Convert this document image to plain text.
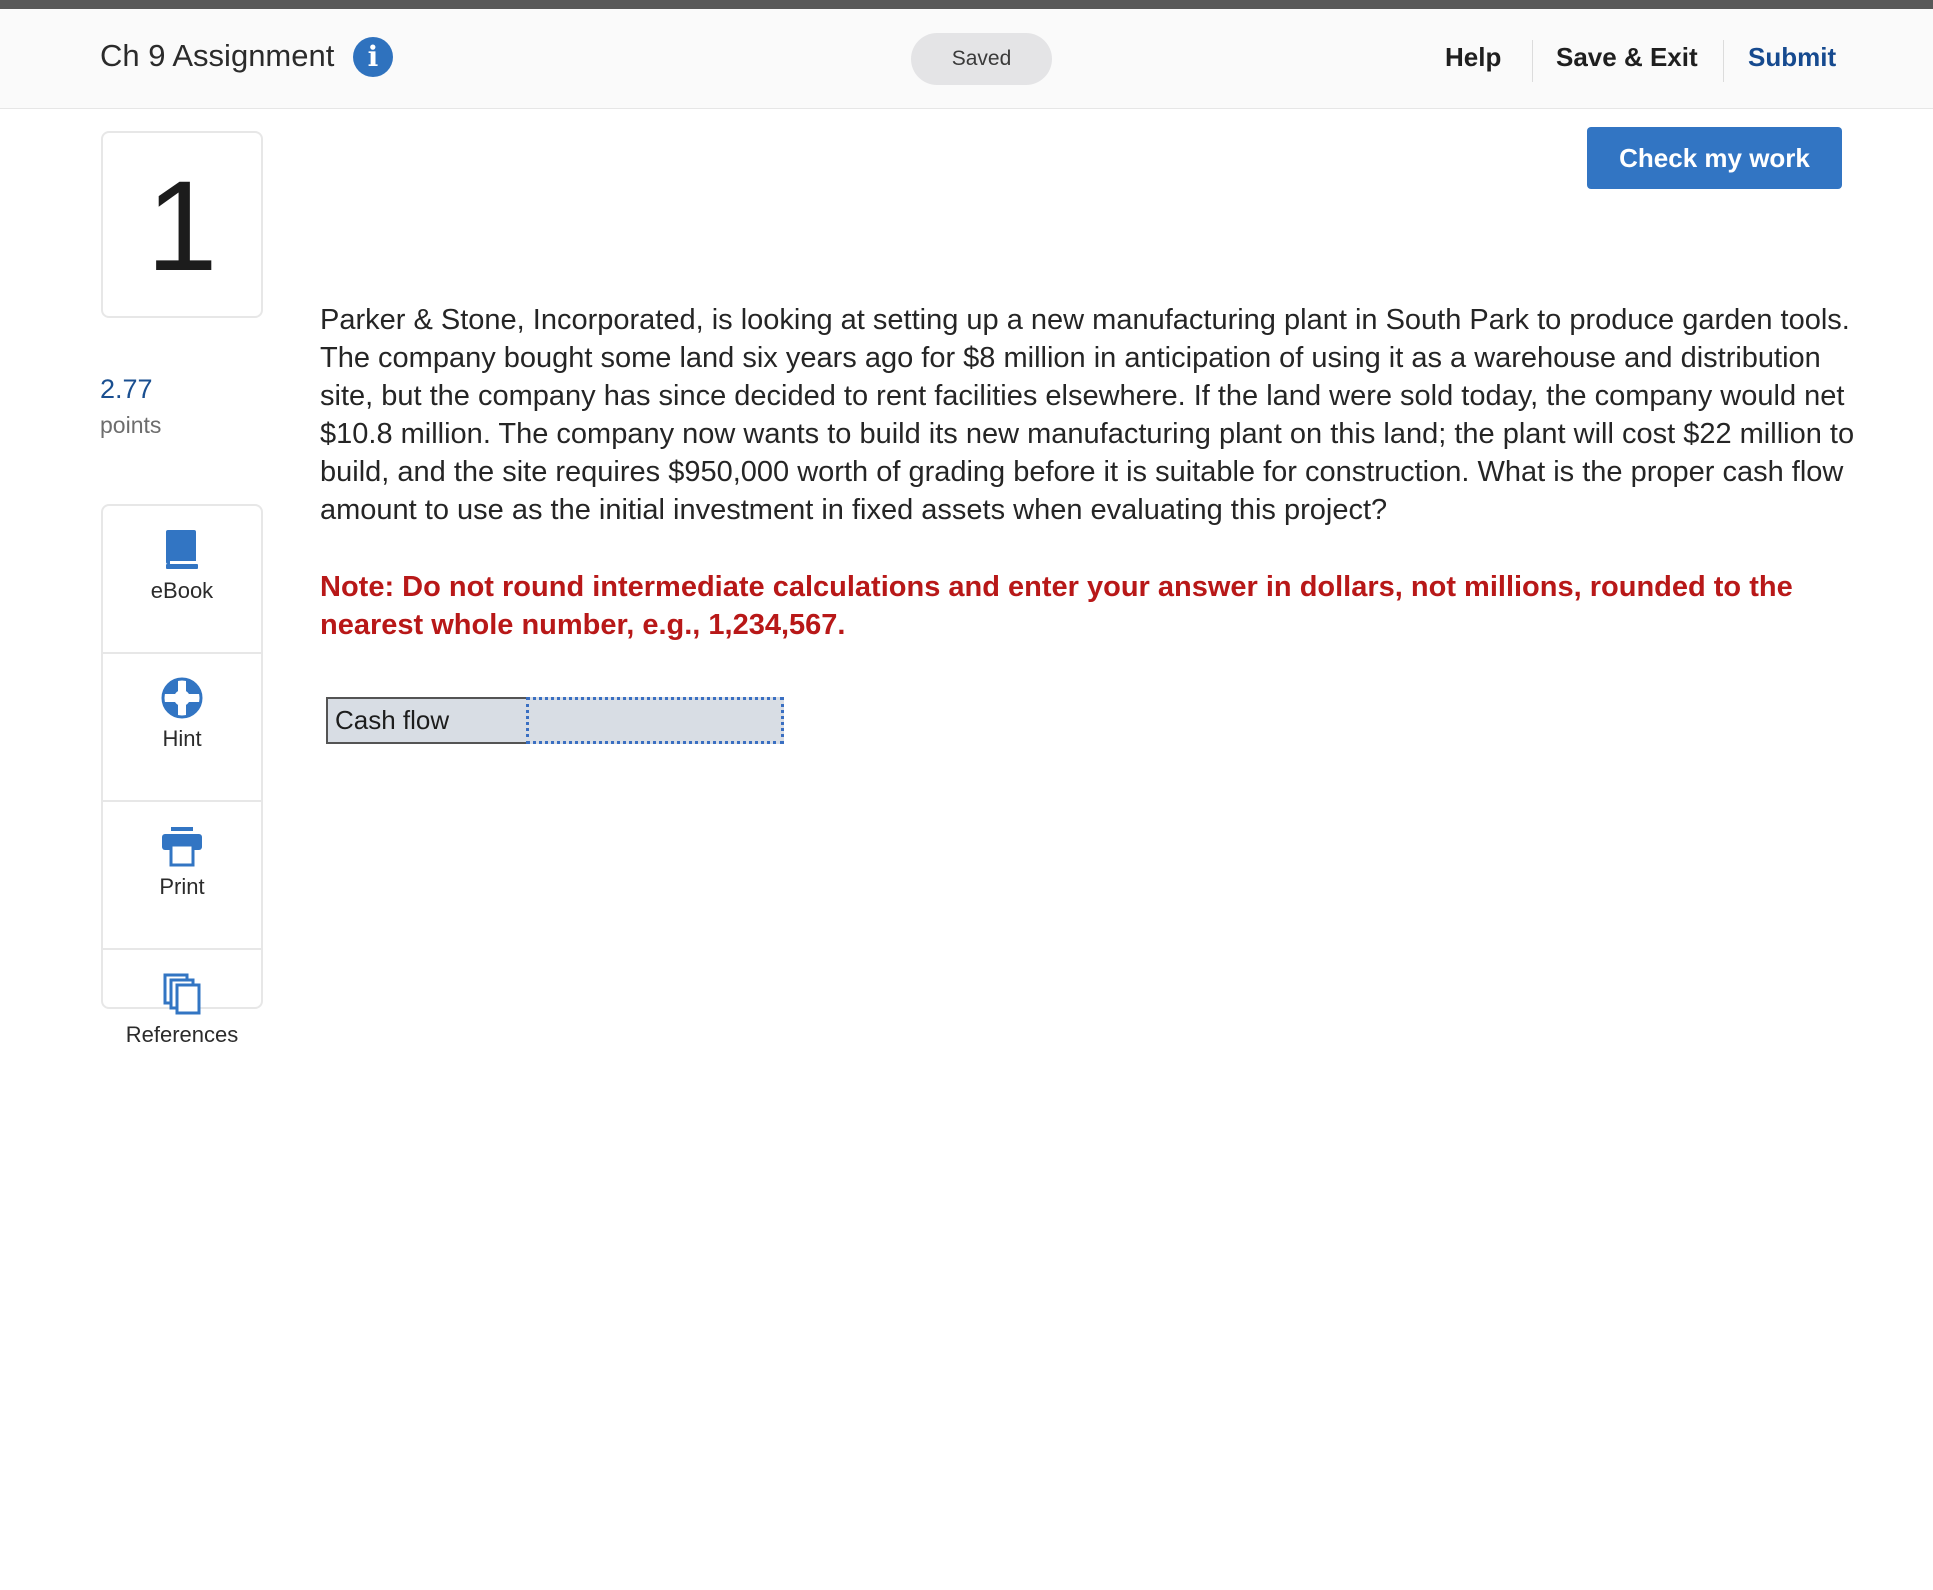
Ch 9 Assignment	i	Saved	Help Save & Exit Submit
1
2.77
points
eBook
Hint
Print
References
Check my work
Parker & Stone, Incorporated, is looking at setting up a new manufacturing plant in South Park to produce garden tools. The company bought some land six years ago for $8 million in anticipation of using it as a warehouse and distribution site, but the company has since decided to rent facilities elsewhere. If the land were sold today, the company would net $10.8 million. The company now wants to build its new manufacturing plant on this land; the plant will cost $22 million to build, and the site requires $950,000 worth of grading before it is suitable for construction. What is the proper cash flow amount to use as the initial investment in fixed assets when evaluating this project?
Note: Do not round intermediate calculations and enter your answer in dollars, not millions, rounded to the nearest whole number, e.g., 1,234,567.
Cash flow
